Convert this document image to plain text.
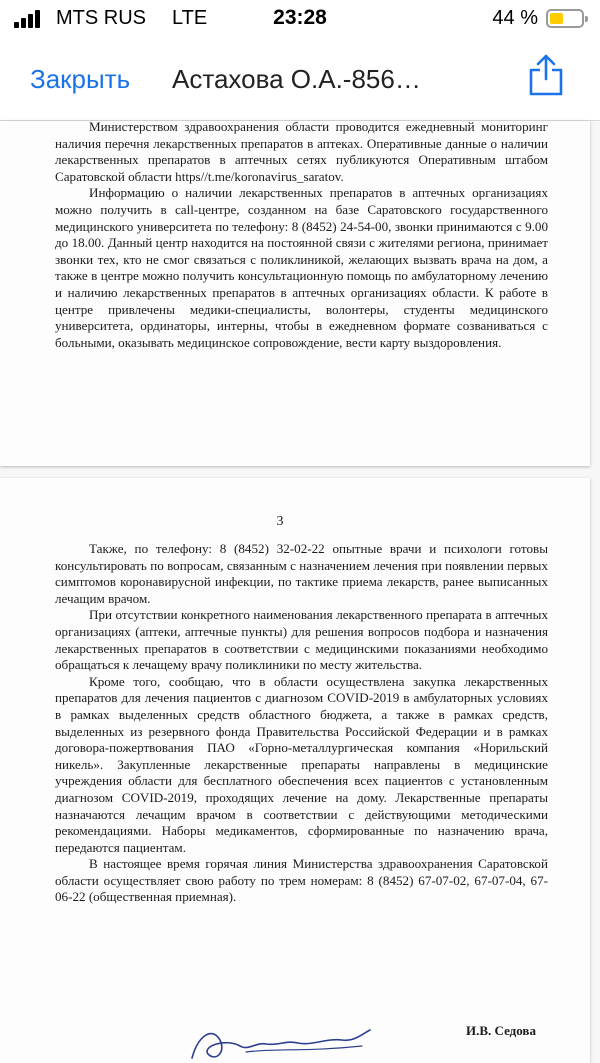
MTS RUS LTE	23:28	44 %
Закрыть Астахова О.А.-856…

Министерством здравоохранения области проводится ежедневный мониторинг наличия перечня лекарственных препаратов в аптеках. Оперативные данные о наличии лекарственных препаратов в аптечных сетях публикуются Оперативным штабом Саратовской области https//t.me/koronavirus_saratov.

Информацию о наличии лекарственных препаратов в аптечных организациях можно получить в call-центре, созданном на базе Саратовского государственного медицинского университета по телефону: 8 (8452) 24-54-00, звонки принимаются с 9.00 до 18.00. Данный центр находится на постоянной связи с жителями региона, принимает звонки тех, кто не смог связаться с поликлиникой, желающих вызвать врача на дом, а также в центре можно получить консультационную помощь по амбулаторному лечению и наличию лекарственных препаратов в аптечных организациях области. К работе в центре привлечены медики-специалисты, волонтеры, студенты медицинского университета, ординаторы, интерны, чтобы в ежедневном формате созваниваться с больными, оказывать медицинское сопровождение, вести карту выздоровления.

3

Также, по телефону: 8 (8452) 32-02-22 опытные врачи и психологи готовы консультировать по вопросам, связанным с назначением лечения при появлении первых симптомов коронавирусной инфекции, по тактике приема лекарств, ранее выписанных лечащим врачом.

При отсутствии конкретного наименования лекарственного препарата в аптечных организациях (аптеки, аптечные пункты) для решения вопросов подбора и назначения лекарственных препаратов в соответствии с медицинскими показаниями необходимо обращаться к лечащему врачу поликлиники по месту жительства.

Кроме того, сообщаю, что в области осуществлена закупка лекарственных препаратов для лечения пациентов с диагнозом COVID-2019 в амбулаторных условиях в рамках выделенных средств областного бюджета, а также в рамках средств, выделенных из резервного фонда Правительства Российской Федерации и в рамках договора-пожертвования ПАО «Горно-металлургическая компания «Норильский никель». Закупленные лекарственные препараты направлены в медицинские учреждения области для бесплатного обеспечения всех пациентов с установленным диагнозом COVID-2019, проходящих лечение на дому. Лекарственные препараты назначаются лечащим врачом в соответствии с действующими методическими рекомендациями. Наборы медикаментов, сформированные по назначению врача, передаются пациентам.

В настоящее время горячая линия Министерства здравоохранения Саратовской области осуществляет свою работу по трем номерам: 8 (8452) 67-07-02, 67-07-04, 67-06-22 (общественная приемная).

И.В. Седова
